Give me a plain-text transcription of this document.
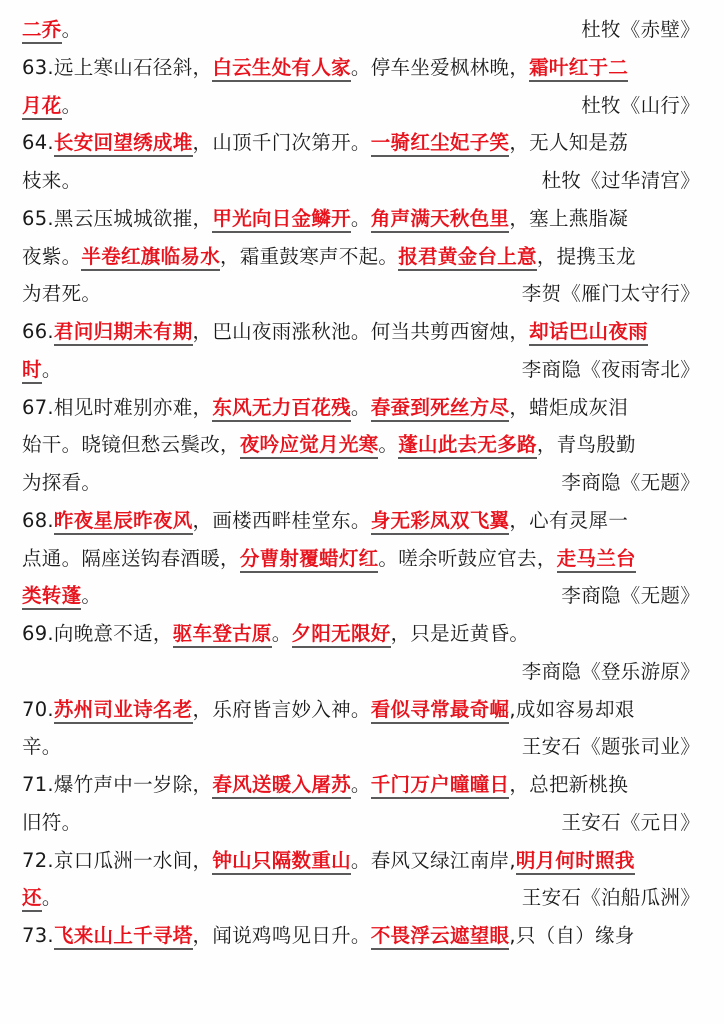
二乔。
63.远上寒山石径斜，白云生处有人家。停车坐爱枫林晚，霜叶红于二
月花。
64.长安回望绣成堆，山顶千门次第开。一骑红尘妃子笑，无人知是荔
枝来。
65.黑云压城城欲摧，甲光向日金鳞开。角声满天秋色里，塞上燕脂凝
夜紫。半卷红旗临易水，霜重鼓寒声不起。报君黄金台上意，提携玉龙
为君死。
66.君问归期未有期，巴山夜雨涨秋池。何当共剪西窗烛，却话巴山夜雨
时。
67.相见时难别亦难，东风无力百花残。春蚕到死丝方尽，蜡炬成灰泪
始干。晓镜但愁云鬓改，夜吟应觉月光寒。蓬山此去无多路，青鸟殷勤
为探看。
68.昨夜星辰昨夜风，画楼西畔桂堂东。身无彩凤双飞翼，心有灵犀一
点通。隔座送钩春酒暖，分曹射覆蜡灯红。嗟余听鼓应官去，走马兰台
类转蓬。
69.向晚意不适，驱车登古原。夕阳无限好，只是近黄昏。
70.苏州司业诗名老，乐府皆言妙入神。看似寻常最奇崛,成如容易却艰
辛。
71.爆竹声中一岁除，春风送暖入屠苏。千门万户曈曈日，总把新桃换
旧符。
72.京口瓜洲一水间，钟山只隔数重山。春风又绿江南岸,明月何时照我
还。
73.飞来山上千寻塔，闻说鸡鸣见日升。不畏浮云遮望眼,只（自）缘身
杜牧《赤壁》
杜牧《山行》
杜牧《过华清宫》
李贺《雁门太守行》
李商隐《夜雨寄北》
李商隐《无题》
李商隐《无题》
李商隐《登乐游原》
王安石《题张司业》
王安石《元日》
王安石《泊船瓜洲》
